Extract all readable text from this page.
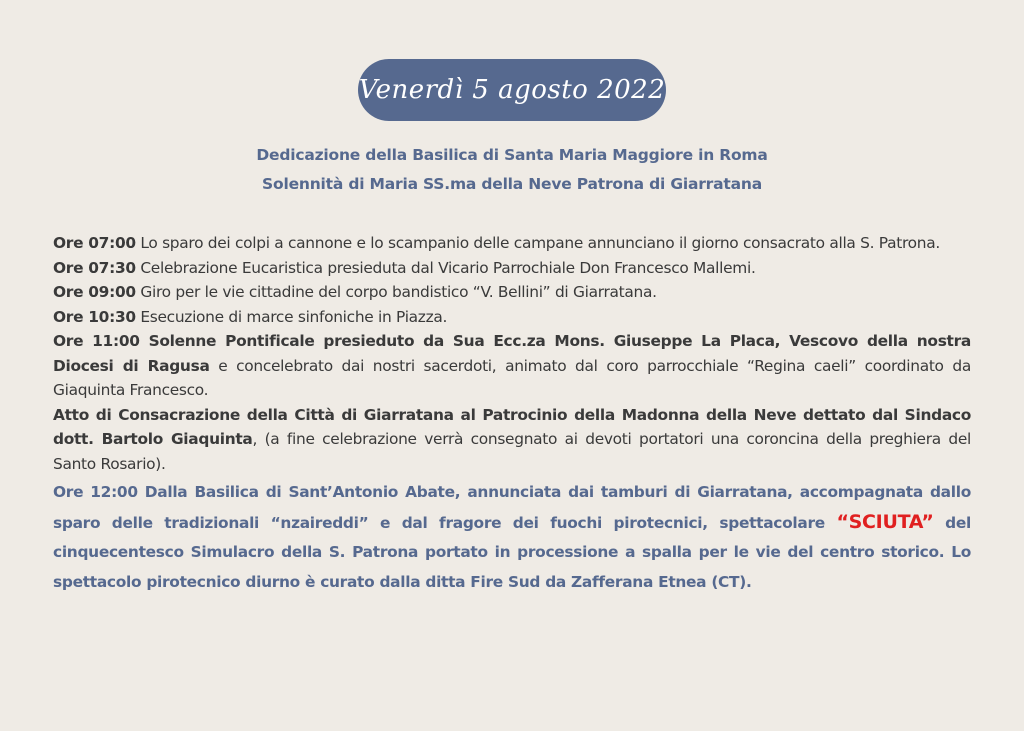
Venerdì 5 agosto 2022
Dedicazione della Basilica di Santa Maria Maggiore in Roma
Solennità di Maria SS.ma della Neve Patrona di Giarratana

Ore 07:00 Lo sparo dei colpi a cannone e lo scampanio delle campane annunciano il giorno consacrato alla S. Patrona.

Ore 07:30 Celebrazione Eucaristica presieduta dal Vicario Parrochiale Don Francesco Mallemi.

Ore 09:00 Giro per le vie cittadine del corpo bandistico “V. Bellini” di Giarratana.

Ore 10:30 Esecuzione di marce sinfoniche in Piazza.

Ore 11:00 Solenne Pontificale presieduto da Sua Ecc.za Mons. Giuseppe La Placa, Vescovo della nostra Diocesi di Ragusa e concelebrato dai nostri sacerdoti, animato dal coro parrocchiale “Regina caeli” coordinato da Giaquinta Francesco.

Atto di Consacrazione della Città di Giarratana al Patrocinio della Madonna della Neve dettato dal Sindaco dott. Bartolo Giaquinta, (a fine celebrazione verrà consegnato ai devoti portatori una coroncina della preghiera del Santo Rosario).

Ore 12:00 Dalla Basilica di Sant’Antonio Abate, annunciata dai tamburi di Giarratana, accompagnata dallo sparo delle tradizionali “nzaireddi” e dal fragore dei fuochi pirotecnici, spettacolare “SCIUTA” del cinquecentesco Simulacro della S. Patrona portato in processione a spalla per le vie del centro storico. Lo spettacolo pirotecnico diurno è curato dalla ditta Fire Sud da Zafferana Etnea (CT).
